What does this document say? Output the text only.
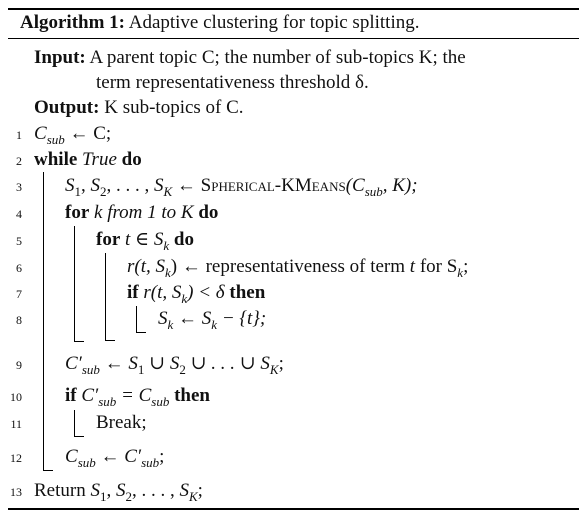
Algorithm 1: Adaptive clustering for topic splitting.
Input: A parent topic C; the number of sub-topics K; the
term representativeness threshold δ.
Output: K sub-topics of C.
1
2
3
4
5
6
7
8
9
10
11
12
13
$C_{sub}$ ← C;
while True do
$S_1$, $S_2$, . . . , $S_K$ ← Spherical-$KMeans(C_{sub}$, K);
for k from 1 to K do
for t ∈ $S_k$ do
r(t, $S_k$) ← representativeness of term t for $S_k$;
if r(t, $S_k) < \delta$ then
$S_k$ ← $S_k - \{t\}$;
$C'_{sub}$ ← $S_1$ ∪ $S_2$ ∪ . . . ∪ $S_K$;
if $C'_{sub} = C_{sub}$ then
Break;
$C_{sub}$ ← $C'_{sub}$;
Return $S_1$, $S_2$, . . . , $S_K$;
